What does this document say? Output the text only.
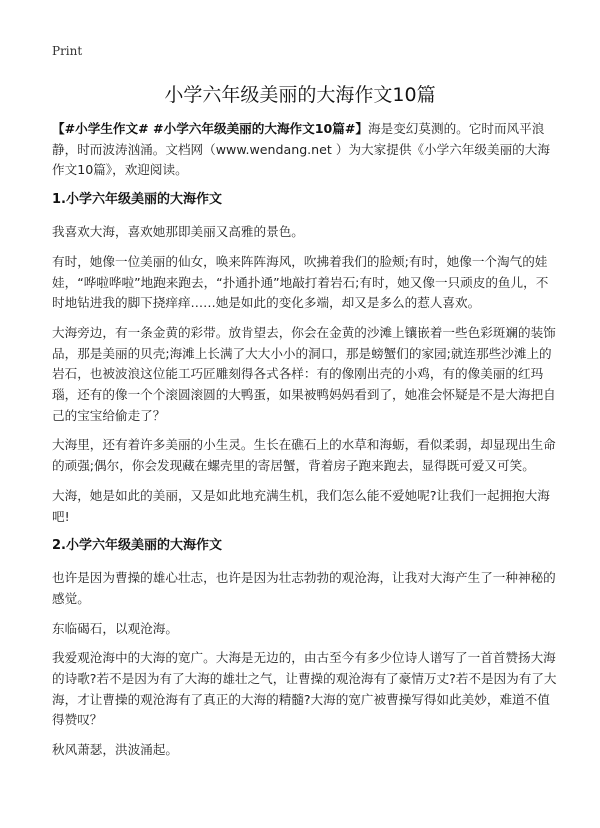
Print
小学六年级美丽的大海作文10篇

【#小学生作文# #小学六年级美丽的大海作文10篇#】海是变幻莫测的。它时而风平浪静，时而波涛汹涌。文档网（www.wendang.net ）为大家提供《小学六年级美丽的大海作文10篇》，欢迎阅读。

1.小学六年级美丽的大海作文

我喜欢大海，喜欢她那即美丽又高雅的景色。

有时，她像一位美丽的仙女，唤来阵阵海风，吹拂着我们的脸颊;有时，她像一个淘气的娃娃，“哗啦哗啦”地跑来跑去，“扑通扑通”地敲打着岩石;有时，她又像一只顽皮的鱼儿，不时地钻进我的脚下挠痒痒……她是如此的变化多端，却又是多么的惹人喜欢。

大海旁边，有一条金黄的彩带。放肯望去，你会在金黄的沙滩上镶嵌着一些色彩斑斓的装饰品，那是美丽的贝壳;海滩上长满了大大小小的洞口，那是螃蟹们的家园;就连那些沙滩上的岩石，也被波浪这位能工巧匠雕刻得各式各样：有的像刚出壳的小鸡，有的像美丽的红玛瑙，还有的像一个个滚圆滚圆的大鸭蛋，如果被鸭妈妈看到了，她准会怀疑是不是大海把自己的宝宝给偷走了？

大海里，还有着许多美丽的小生灵。生长在礁石上的水草和海蛎，看似柔弱，却显现出生命的顽强;偶尔，你会发现藏在螺壳里的寄居蟹，背着房子跑来跑去，显得既可爱又可笑。

大海，她是如此的美丽，又是如此地充满生机，我们怎么能不爱她呢?让我们一起拥抱大海吧!

2.小学六年级美丽的大海作文

也许是因为曹操的雄心壮志，也许是因为壮志勃勃的观沧海，让我对大海产生了一种神秘的感觉。

东临碣石，以观沧海。

我爱观沧海中的大海的宽广。大海是无边的，由古至今有多少位诗人谱写了一首首赞扬大海的诗歌?若不是因为有了大海的雄壮之气，让曹操的观沧海有了豪情万丈?若不是因为有了大海，才让曹操的观沧海有了真正的大海的精髓?大海的宽广被曹操写得如此美妙，难道不值得赞叹？

秋风萧瑟，洪波涌起。
